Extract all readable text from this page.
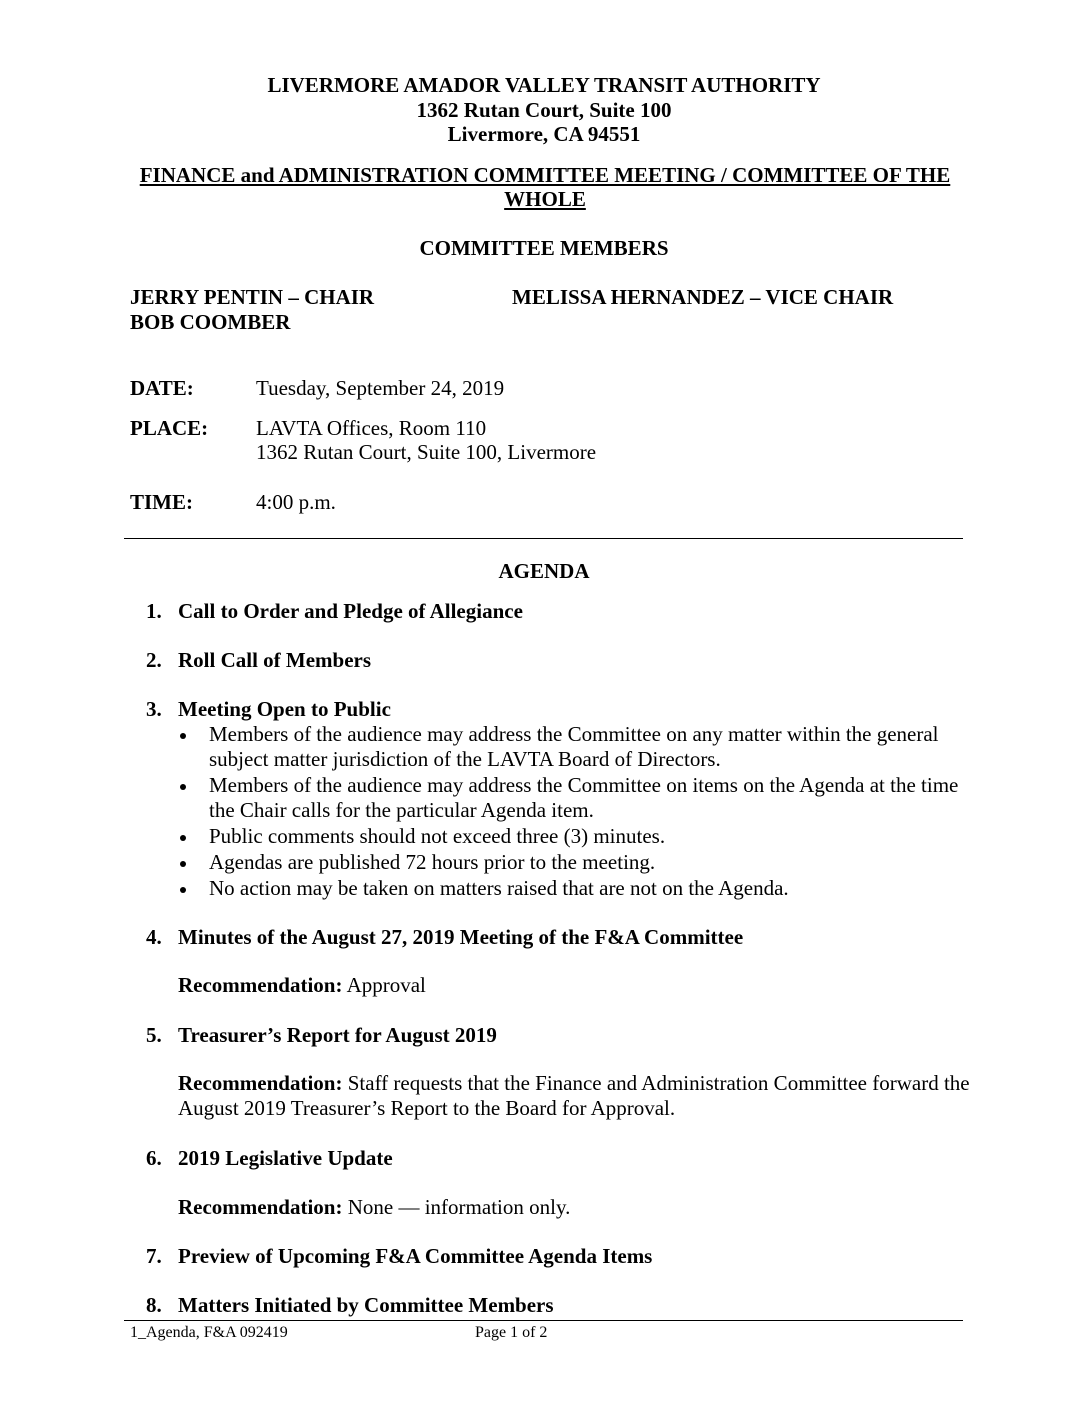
LIVERMORE AMADOR VALLEY TRANSIT AUTHORITY
1362 Rutan Court, Suite 100
Livermore, CA 94551
FINANCE and ADMINISTRATION COMMITTEE MEETING / COMMITTEE OF THE
WHOLE
COMMITTEE MEMBERS
JERRY PENTIN – CHAIR	MELISSA HERNANDEZ – VICE CHAIR
BOB COOMBER
DATE:	Tuesday, September 24, 2019
PLACE: LAVTA Offices, Room 110
1362 Rutan Court, Suite 100, Livermore
TIME:	4:00 p.m.
AGENDA
1. Call to Order and Pledge of Allegiance
2. Roll Call of Members
3. Meeting Open to Public
Members of the audience may address the Committee on any matter within the general subject matter jurisdiction of the LAVTA Board of Directors.
Members of the audience may address the Committee on items on the Agenda at the time the Chair calls for the particular Agenda item.
Public comments should not exceed three (3) minutes.
Agendas are published 72 hours prior to the meeting.
No action may be taken on matters raised that are not on the Agenda.
4. Minutes of the August 27, 2019 Meeting of the F&A Committee
Recommendation: Approval
5. Treasurer’s Report for August 2019
Recommendation: Staff requests that the Finance and Administration Committee forward the August 2019 Treasurer’s Report to the Board for Approval.
6. 2019 Legislative Update
Recommendation: None — information only.
7. Preview of Upcoming F&A Committee Agenda Items
8. Matters Initiated by Committee Members
1_Agenda, F&A 092419	Page 1 of 2
